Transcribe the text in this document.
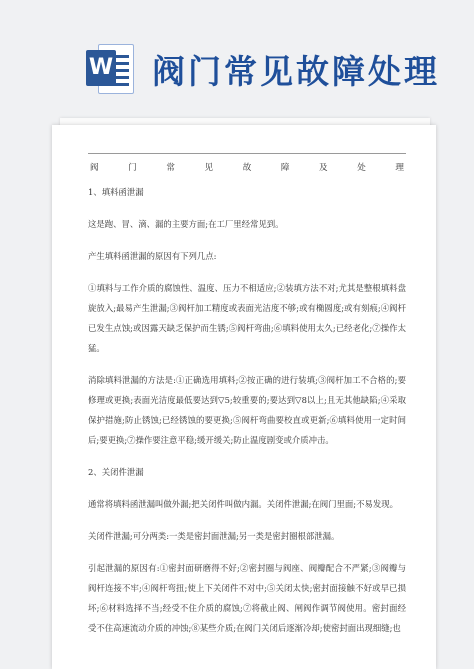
W 阀门常见故障处理
阀	门	常	见	故	障	及	处	理
1、填料函泄漏
这是跑、冒、滴、漏的主要方面;在工厂里经常见到。
产生填料函泄漏的原因有下列几点:
①填料与工作介质的腐蚀性、温度、压力不相适应;②装填方法不对;尤其是整根填料盘旋放入;最易产生泄漏;③阀杆加工精度或表面光洁度不够;或有椭圆度;或有刻痕;④阀杆已发生点蚀;或因露天缺乏保护而生锈;⑤阀杆弯曲;⑥填料使用太久;已经老化;⑦操作太猛。
消除填料泄漏的方法是:①正确选用填料;②按正确的进行装填;③阀杆加工不合格的;要修理或更换;表面光洁度最低要达到▽5;较重要的;要达到▽8以上;且无其他缺陷;④采取保护措施;防止锈蚀;已经锈蚀的要更换;⑤阀杆弯曲要校直或更新;⑥填料使用一定时间后;要更换;⑦操作要注意平稳;缓开缓关;防止温度剧变或介质冲击。
2、关闭件泄漏
通常将填料函泄漏叫做外漏;把关闭件叫做内漏。关闭件泄漏;在阀门里面;不易发现。
关闭件泄漏;可分两类:一类是密封面泄漏;另一类是密封圈根部泄漏。
引起泄漏的原因有:①密封面研磨得不好;②密封圈与阀座、阀瓣配合不严紧;③阀瓣与阀杆连接不牢;④阀杆弯扭;使上下关闭件不对中;⑤关闭太快;密封面接触不好或早已损坏;⑥材料选择不当;经受不住介质的腐蚀;⑦将截止阀、闸阀作调节阀使用。密封面经受不住高速流动介质的冲蚀;⑧某些介质;在阀门关闭后逐渐冷却;使密封面出现细缝;也
